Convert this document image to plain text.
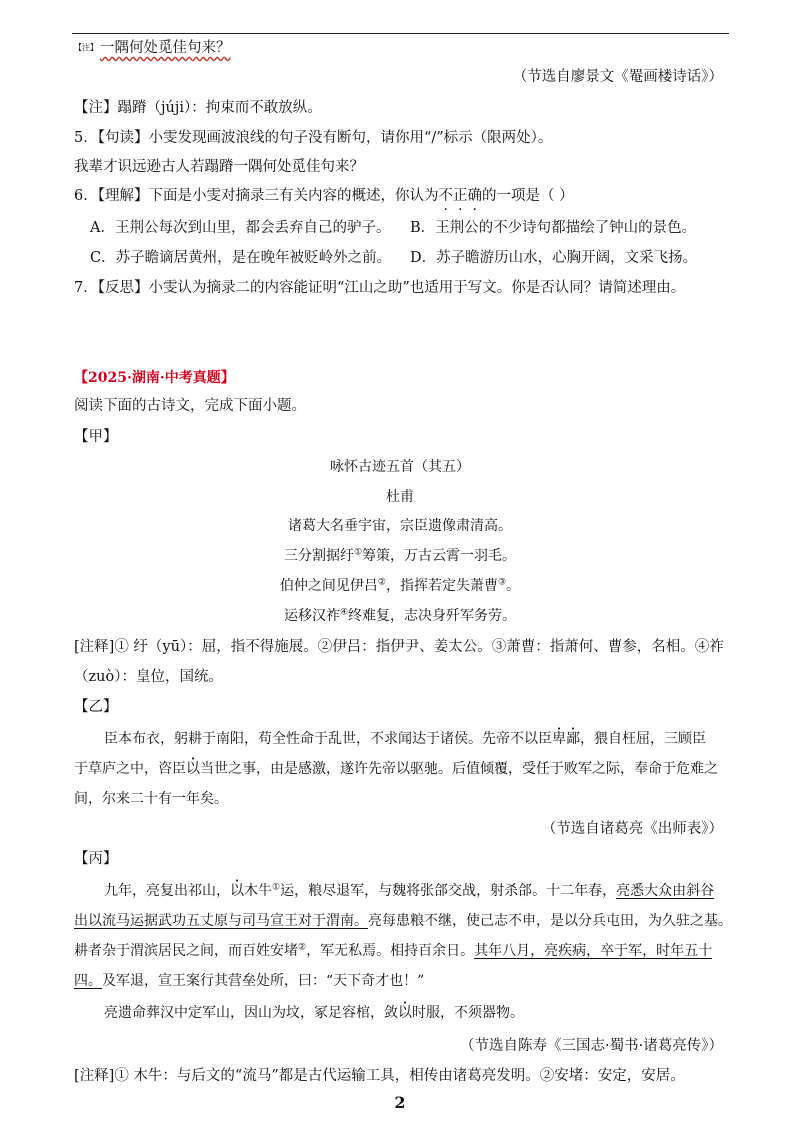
$^{【注】}$ 一隅何处觅佳句来？
（节选自廖景文《罨画楼诗话》）
【注】蹋蹐（júji）：拘束而不敢放纵。
5．【句读】小雯发现画波浪线的句子没有断句，请你用“/”标示（限两处）。
我辈才识远逊古人若蹋蹐一隅何处觅佳句来？
6．【理解】下面是小雯对摘录三有关内容的概述，你认为不正确的一项是（ ）
A．王荆公每次到山里，都会丢弃自己的驴子。 B．王荆公的不少诗句都描绘了钟山的景色。
C．苏子瞻谪居黄州，是在晚年被贬岭外之前。 D．苏子瞻游历山水，心胸开阔，文采飞扬。
7．【反思】小雯认为摘录二的内容能证明“江山之助”也适用于写文。你是否认同？请简述理由。
【2025·湖南·中考真题】
阅读下面的古诗文，完成下面小题。
【甲】
咏怀古迹五首（其五）
杜甫
诸葛大名垂宇宙，宗臣遗像肃清高。
三分割据纡①筹策，万古云霄一羽毛。
伯仲之间见伊吕②，指挥若定失萧曹③。
运移汉祚④终难复，志决身歼军务劳。
[注释]① 纡（yū）：屈，指不得施展。②伊吕：指伊尹、姜太公。③萧曹：指萧何、曹参，名相。④祚
（zuò）：皇位，国统。
【乙】
臣本布衣，躬耕于南阳，苟全性命于乱世，不求闻达于诸侯。先帝不以臣卑鄙，猥自枉屈，三顾臣
于草庐之中，咨臣以当世之事，由是感激，遂许先帝以驱驰。后值倾覆，受任于败军之际，奉命于危难之
间，尔来二十有一年矣。
（节选自诸葛亮《出师表》）
【丙】
九年，亮复出祁山，以木牛①运，粮尽退军，与魏将张郃交战，射杀郃。十二年春，亮悉大众由斜谷
出以流马运据武功五丈原与司马宣王对于渭南。亮每患粮不继，使己志不申，是以分兵屯田，为久驻之基。
耕者杂于渭滨居民之间，而百姓安堵②，军无私焉。相持百余日。其年八月，亮疾病，卒于军，时年五十
四。及军退，宣王案行其营垒处所，曰：“天下奇才也！”
亮遗命葬汉中定军山，因山为坟，冢足容棺，敛以时服，不须器物。
（节选自陈寿《三国志·蜀书·诸葛亮传》）
[注释]① 木牛：与后文的“流马”都是古代运输工具，相传由诸葛亮发明。②安堵：安定，安居。
2
